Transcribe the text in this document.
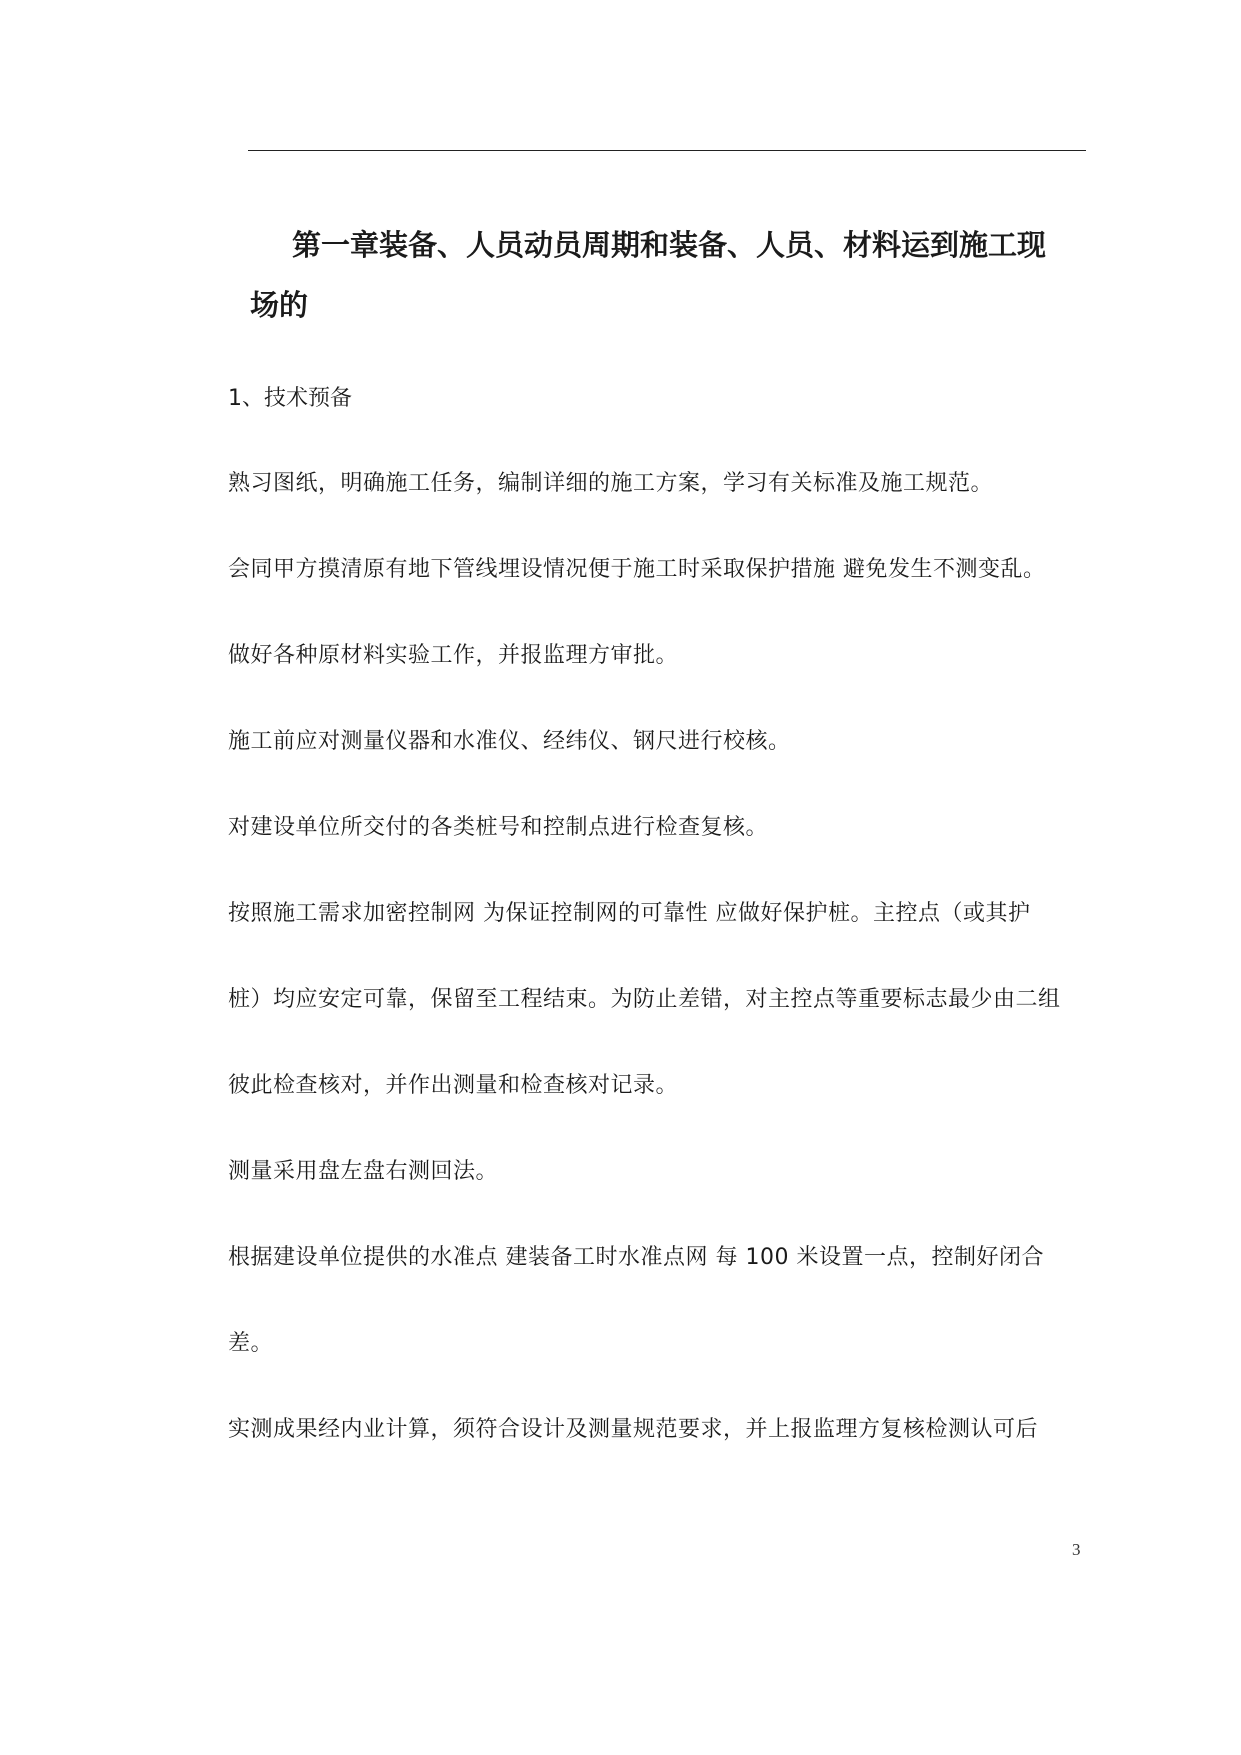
第一章装备、人员动员周期和装备、人员、材料运到施工现
场的

1、技术预备

熟习图纸，明确施工任务，编制详细的施工方案，学习有关标准及施工规范。

会同甲方摸清原有地下管线埋设情况便于施工时采取保护措施 避免发生不测变乱。

做好各种原材料实验工作，并报监理方审批。

施工前应对测量仪器和水准仪、经纬仪、钢尺进行校核。

对建设单位所交付的各类桩号和控制点进行检查复核。

按照施工需求加密控制网 为保证控制网的可靠性 应做好保护桩。主控点（或其护

桩）均应安定可靠，保留至工程结束。为防止差错，对主控点等重要标志最少由二组

彼此检查核对，并作出测量和检查核对记录。

测量采用盘左盘右测回法。

根据建设单位提供的水准点 建装备工时水准点网 每 100 米设置一点，控制好闭合

差。

实测成果经内业计算，须符合设计及测量规范要求，并上报监理方复核检测认可后

3
